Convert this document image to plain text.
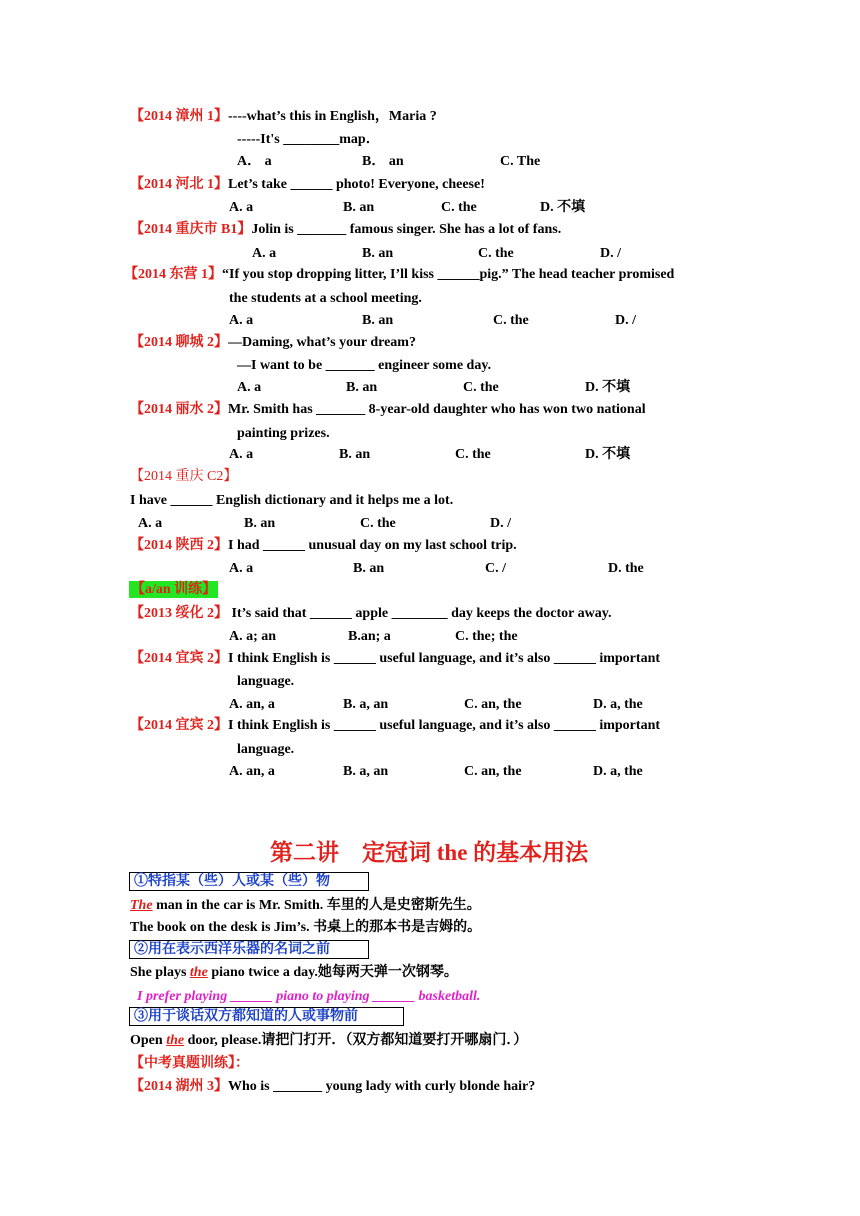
【2014 漳州 1】----what’s this in English，Maria ?
-----It's ________map．
A． a	B． an	C. The
【2014 河北 1】Let’s take ______ photo! Everyone, cheese!
A. a	B. an	C. the	D. 不填
【2014 重庆市 B1】Jolin is _______ famous singer. She has a lot of fans.
A. a	B. an	C. the	D. /
【2014 东营 1】“If you stop dropping litter, I’ll kiss ______pig.” The head teacher promised
the students at a school meeting.
A. a	B. an	C. the	D. /
【2014 聊城 2】—Daming, what’s your dream?
—I want to be _______ engineer some day.
A. a	B. an	C. the	D. 不填
【2014 丽水 2】Mr. Smith has _______ 8-year-old daughter who has won two national
painting prizes.
A. a	B. an	C. the	D. 不填
【2014 重庆 C2】
I have ______ English dictionary and it helps me a lot.
A. a	B. an	C. the	D. /
【2014 陕西 2】I had ______ unusual day on my last school trip.
A. a	B. an	C. /	D. the
【a/an 训练】
【2013 绥化 2】 It’s said that ______ apple ________ day keeps the doctor away.
A. a; an	B.an; a	C. the; the
【2014 宜宾 2】I think English is ______ useful language, and it’s also ______ important
language.
A. an, a	B. a, an	C. an, the	D. a, the
【2014 宜宾 2】I think English is ______ useful language, and it’s also ______ important
language.
A. an, a	B. a, an	C. an, the	D. a, the
第二讲　定冠词 the 的基本用法
①特指某（些）人或某（些）物
The man in the car is Mr. Smith. 车里的人是史密斯先生。
The book on the desk is Jim’s. 书桌上的那本书是吉姆的。
②用在表示西洋乐器的名词之前
She plays the piano twice a day.她每两天弹一次钢琴。
I prefer playing ______ piano to playing ______ basketball.
③用于谈话双方都知道的人或事物前
Open the door, please.请把门打开．（双方都知道要打开哪扇门．）
【中考真题训练】：
【2014 湖州 3】Who is _______ young lady with curly blonde hair?
